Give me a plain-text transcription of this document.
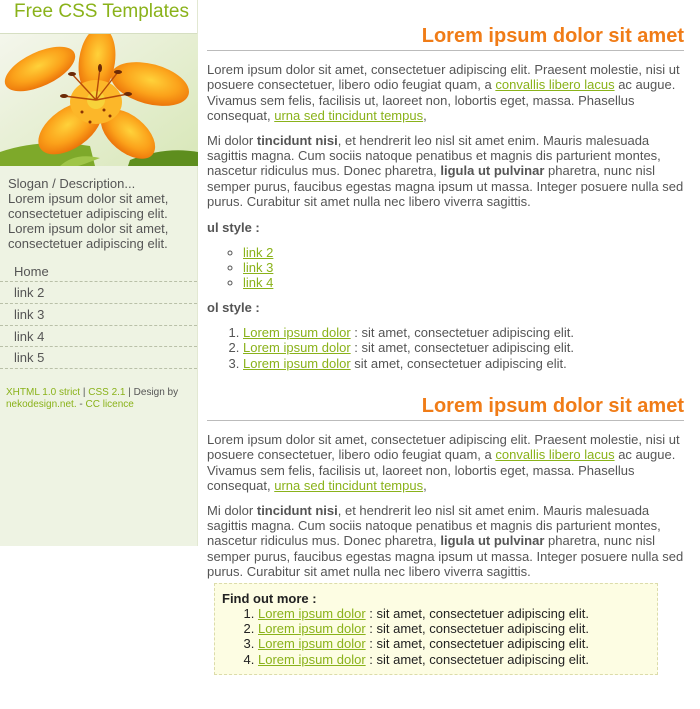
Free CSS Templates
Slogan / Description...
Lorem ipsum dolor sit amet,
consectetuer adipiscing elit.
Lorem ipsum dolor sit amet,
consectetuer adipiscing elit.
Home
link 2
link 3
link 4
link 5
XHTML 1.0 strict | CSS 2.1 | Design by
nekodesign.net. - CC licence
Lorem ipsum dolor sit amet

Lorem ipsum dolor sit amet, consectetuer adipiscing elit. Praesent molestie, nisi ut posuere consectetuer, libero odio feugiat quam, a convallis libero lacus ac augue. Vivamus sem felis, facilisis ut, laoreet non, lobortis eget, massa. Phasellus consequat, urna sed tincidunt tempus,

Mi dolor tincidunt nisi, et hendrerit leo nisl sit amet enim. Mauris malesuada sagittis magna. Cum sociis natoque penatibus et magnis dis parturient montes, nascetur ridiculus mus. Donec pharetra, ligula ut pulvinar pharetra, nunc nisl semper purus, faucibus egestas magna ipsum ut massa. Integer posuere nulla sed purus. Curabitur sit amet nulla nec libero viverra sagittis.

ul style :
◦ link 2
◦ link 3
◦ link 4
ol style :
1. Lorem ipsum dolor : sit amet, consectetuer adipiscing elit.
2. Lorem ipsum dolor : sit amet, consectetuer adipiscing elit.
3. Lorem ipsum dolor sit amet, consectetuer adipiscing elit.
Lorem ipsum dolor sit amet

Lorem ipsum dolor sit amet, consectetuer adipiscing elit. Praesent molestie, nisi ut posuere consectetuer, libero odio feugiat quam, a convallis libero lacus ac augue. Vivamus sem felis, facilisis ut, laoreet non, lobortis eget, massa. Phasellus consequat, urna sed tincidunt tempus,

Mi dolor tincidunt nisi, et hendrerit leo nisl sit amet enim. Mauris malesuada sagittis magna. Cum sociis natoque penatibus et magnis dis parturient montes, nascetur ridiculus mus. Donec pharetra, ligula ut pulvinar pharetra, nunc nisl semper purus, faucibus egestas magna ipsum ut massa. Integer posuere nulla sed purus. Curabitur sit amet nulla nec libero viverra sagittis.

Find out more :
1. Lorem ipsum dolor : sit amet, consectetuer adipiscing elit.
2. Lorem ipsum dolor : sit amet, consectetuer adipiscing elit.
3. Lorem ipsum dolor : sit amet, consectetuer adipiscing elit.
4. Lorem ipsum dolor : sit amet, consectetuer adipiscing elit.
